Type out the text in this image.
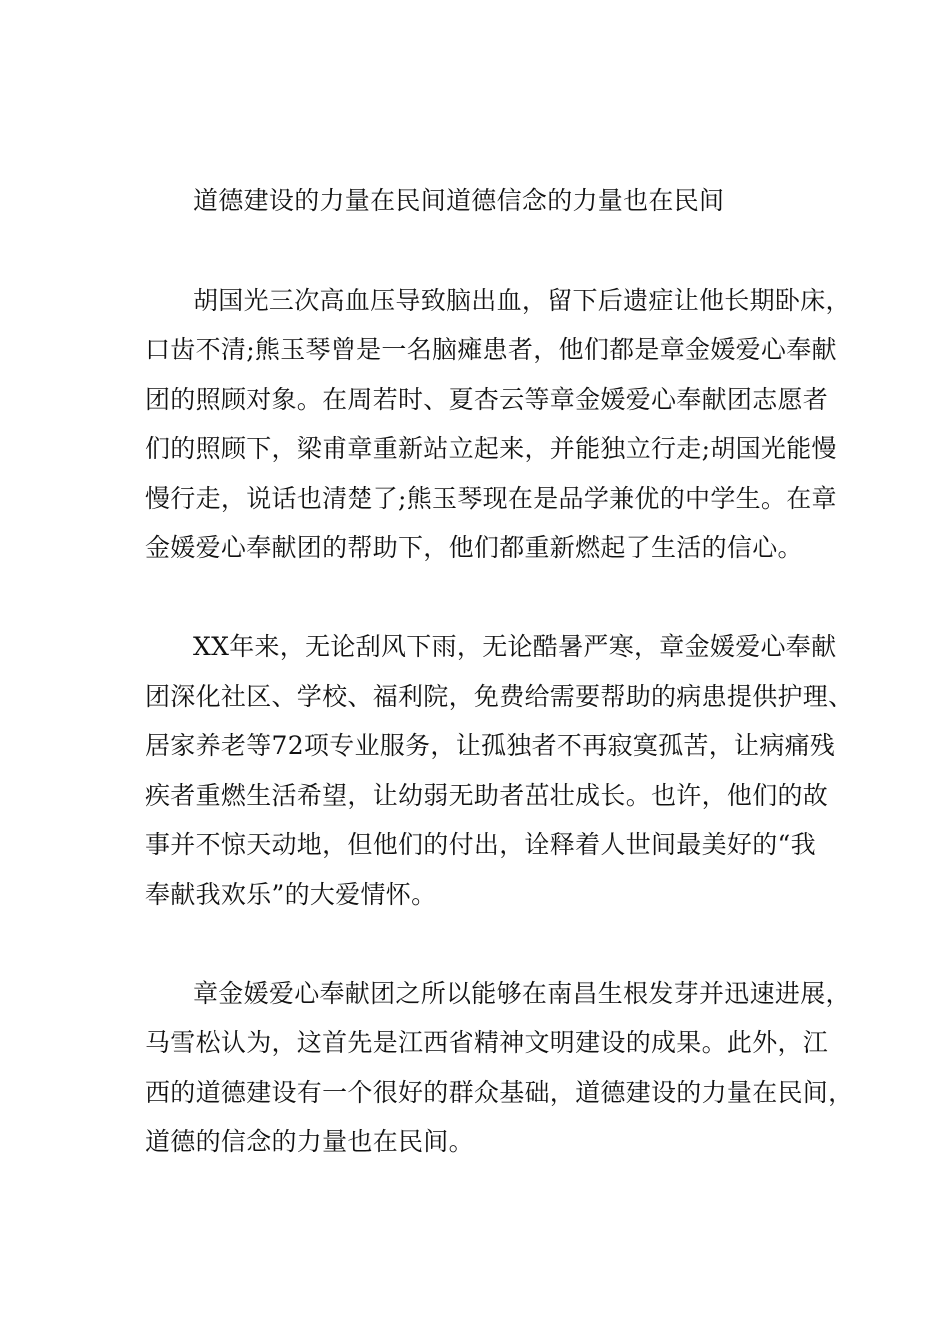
道德建设的力量在民间道德信念的力量也在民间
胡国光三次高血压导致脑出血，留下后遗症让他长期卧床，
口齿不清;熊玉琴曾是一名脑瘫患者，他们都是章金媛爱心奉献
团的照顾对象。在周若时、夏杏云等章金媛爱心奉献团志愿者
们的照顾下，梁甫章重新站立起来，并能独立行走;胡国光能慢
慢行走，说话也清楚了;熊玉琴现在是品学兼优的中学生。在章
金媛爱心奉献团的帮助下，他们都重新燃起了生活的信心。
XX年来，无论刮风下雨，无论酷暑严寒，章金媛爱心奉献
团深化社区、学校、福利院，免费给需要帮助的病患提供护理、
居家养老等72项专业服务，让孤独者不再寂寞孤苦，让病痛残
疾者重燃生活希望，让幼弱无助者茁壮成长。也许，他们的故
事并不惊天动地，但他们的付出，诠释着人世间最美好的“我
奉献我欢乐”的大爱情怀。
章金媛爱心奉献团之所以能够在南昌生根发芽并迅速进展，
马雪松认为，这首先是江西省精神文明建设的成果。此外，江
西的道德建设有一个很好的群众基础，道德建设的力量在民间，
道德的信念的力量也在民间。
